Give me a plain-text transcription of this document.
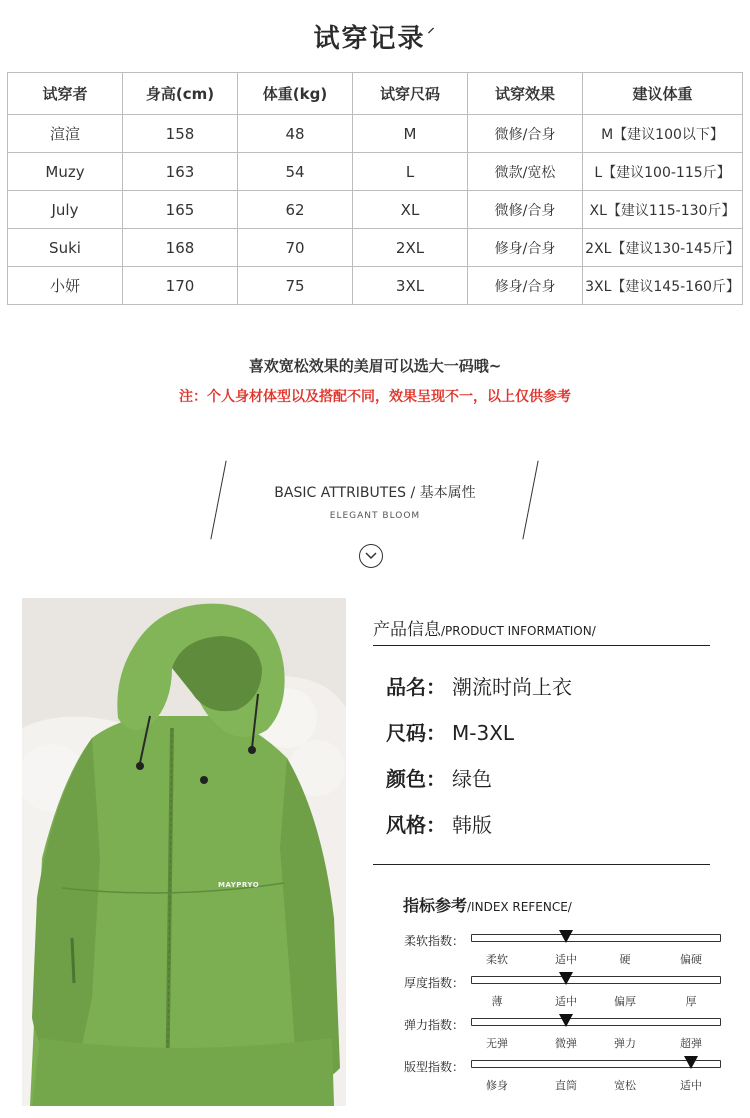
试穿记录 ⸝
试穿者	身高(cm)	体重(kg)	试穿尺码	试穿效果	建议体重
渲渲	158	48	M	微修/合身	M【建议100以下】
Muzy	163	54	L	微款/宽松	L【建议100-115斤】
July	165	62	XL	微修/合身	XL【建议115-130斤】
Suki	168	70	2XL	修身/合身	2XL【建议130-145斤】
小妍	170	75	3XL	修身/合身	3XL【建议145-160斤】
喜欢宽松效果的美眉可以选大一码哦~
注：个人身材体型以及搭配不同，效果呈现不一，以上仅供参考
BASIC ATTRIBUTES / 基本属性
ELEGANT BLOOM
MAYPRYO
产品信息/PRODUCT INFORMATION/
品名： 潮流时尚上衣
尺码： M-3XL
颜色： 绿色
风格： 韩版
指标参考/INDEX REFENCE/
柔软指数：
柔软	适中	硬	偏硬
厚度指数：
薄	适中	偏厚	厚
弹力指数：
无弹	微弹	弹力	超弹
版型指数：
修身	直筒	宽松	适中
